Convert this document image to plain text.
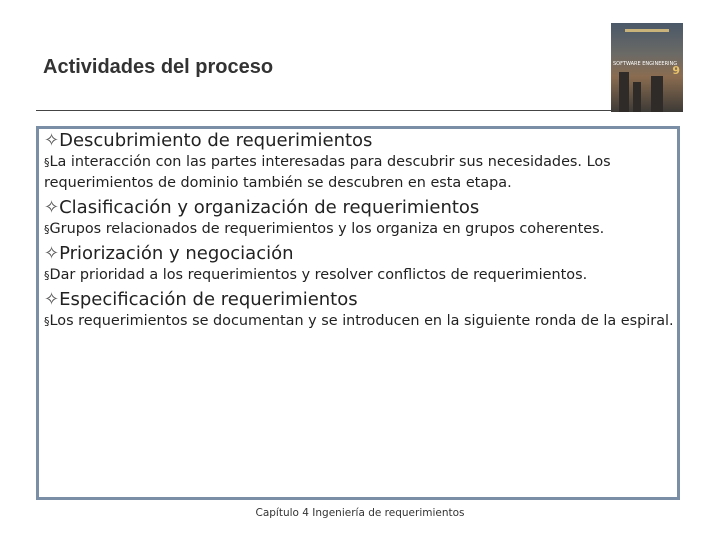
Actividades del proceso	SOFTWARE ENGINEERING
9

✧Descubrimiento de requerimientos

§La interacción con las partes interesadas para descubrir sus necesidades. Los requerimientos de dominio también se descubren en esta etapa.

✧Clasificación y organización de requerimientos

§Grupos relacionados de requerimientos y los organiza en grupos coherentes.

✧Priorización y negociación

§Dar prioridad a los requerimientos y resolver conflictos de requerimientos.

✧Especificación de requerimientos

§Los requerimientos se documentan y se introducen en la siguiente ronda de la espiral.

Capítulo 4 Ingeniería de requerimientos
